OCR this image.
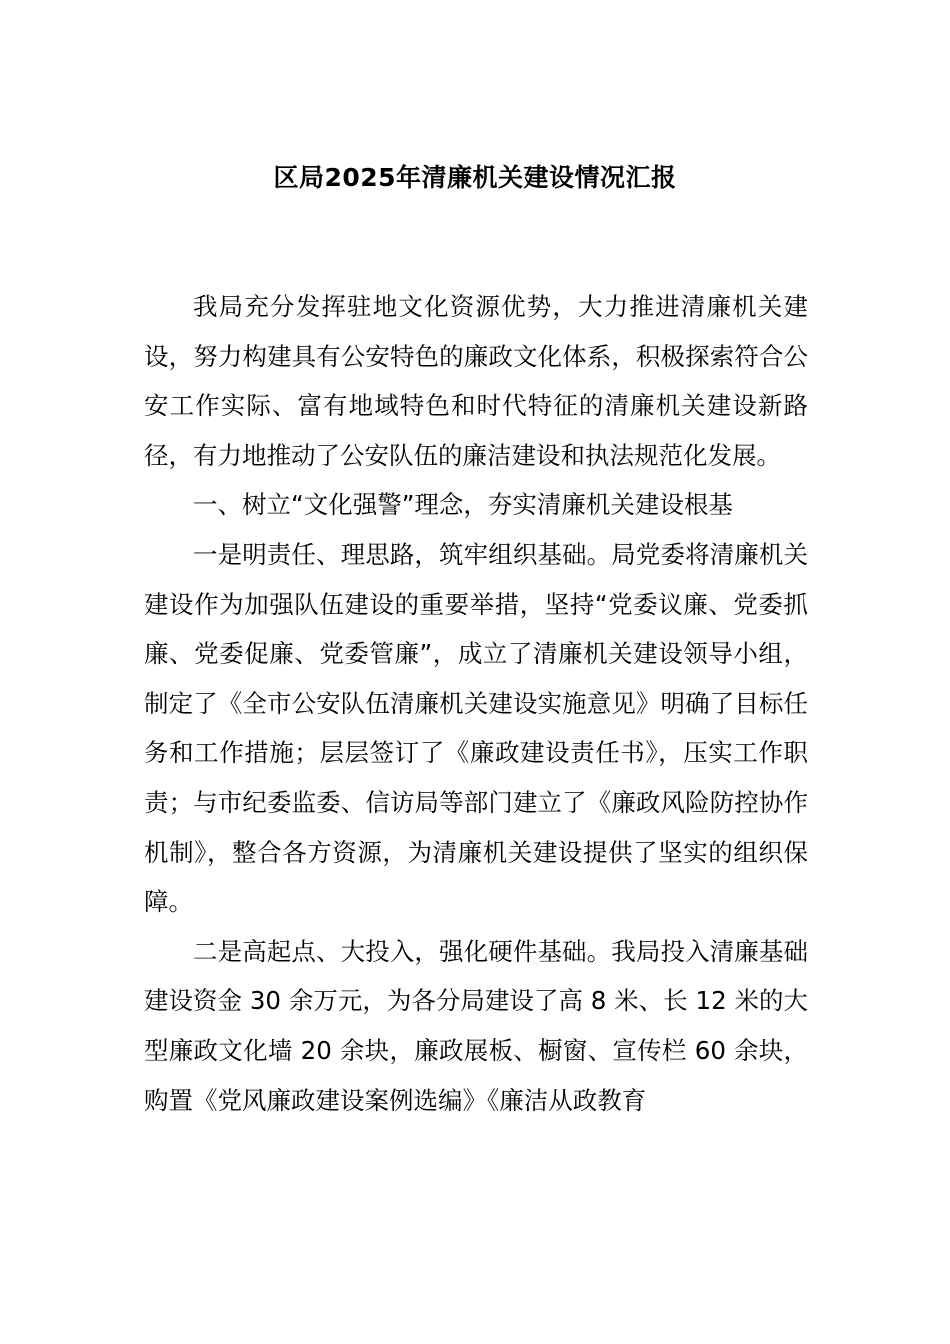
区局2025年清廉机关建设情况汇报

我局充分发挥驻地文化资源优势，大力推进清廉机关建设，努力构建具有公安特色的廉政文化体系，积极探索符合公安工作实际、富有地域特色和时代特征的清廉机关建设新路径，有力地推动了公安队伍的廉洁建设和执法规范化发展。

一、树立“文化强警”理念，夯实清廉机关建设根基

一是明责任、理思路，筑牢组织基础。局党委将清廉机关建设作为加强队伍建设的重要举措，坚持“党委议廉、党委抓廉、党委促廉、党委管廉”，成立了清廉机关建设领导小组，制定了《全市公安队伍清廉机关建设实施意见》明确了目标任务和工作措施；层层签订了《廉政建设责任书》，压实工作职责；与市纪委监委、信访局等部门建立了《廉政风险防控协作机制》，整合各方资源，为清廉机关建设提供了坚实的组织保障。

二是高起点、大投入，强化硬件基础。我局投入清廉基础建设资金 30 余万元，为各分局建设了高 8 米、长 12 米的大型廉政文化墙 20 余块，廉政展板、橱窗、宣传栏 60 余块，购置《党风廉政建设案例选编》《廉洁从政教育
